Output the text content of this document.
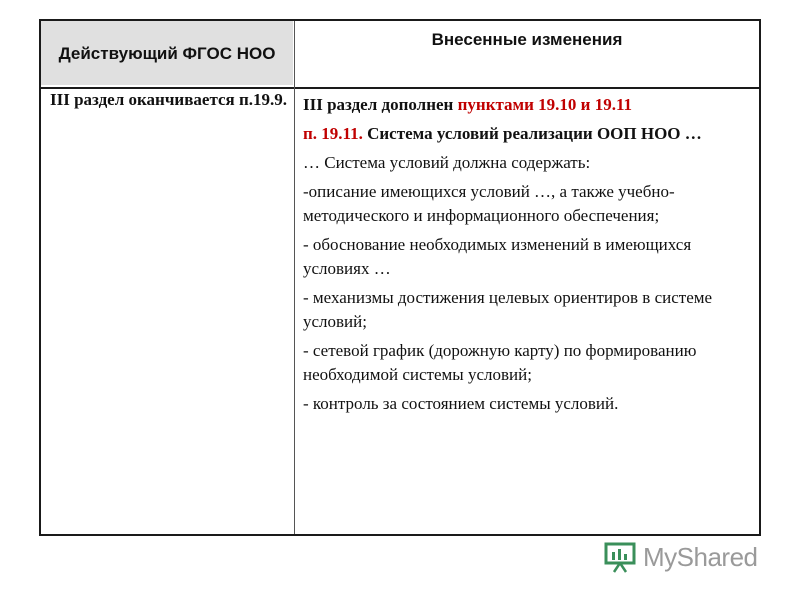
Действующий ФГОС НОО
Внесенные изменения
III раздел оканчивается п.19.9. III раздел дополнен пунктами 19.10 и 19.11

п. 19.11. Система условий реализации ООП НОО …

… Система условий должна содержать:

-описание имеющихся условий …, а также учебно-методического и информационного обеспечения;

- обоснование необходимых изменений в имеющихся условиях …

- механизмы достижения целевых ориентиров в системе условий;

- сетевой график (дорожную карту) по формированию необходимой системы условий;

- контроль за состоянием системы условий.

MyShared
